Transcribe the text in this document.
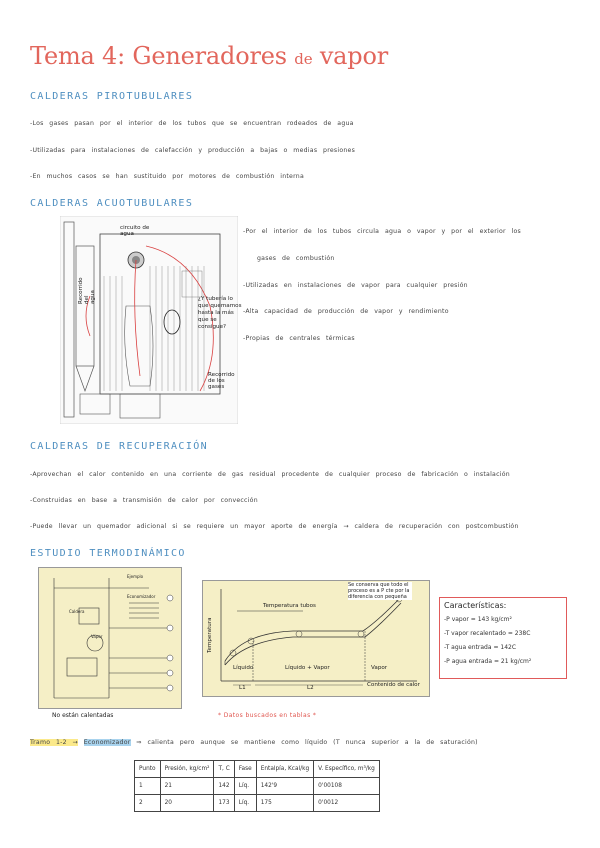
Tema 4: Generadores de vapor
CALDERAS PIROTUBULARES
-Los gases pasan por el interior de los tubos que se encuentran rodeados de agua
-Utilizadas para instalaciones de calefacción y producción a bajas o medias presiones
-En muchos casos se han sustituido por motores de combustión interna
CALDERAS ACUOTUBULARES
circuito de agua
Recorrido del agua	¿Y tubería lo que quemamos hasta la más que se consigue?
Recorrido de los gases
-Por el interior de los tubos circula agua o vapor y por el exterior los
gases de combustión
-Utilizadas en instalaciones de vapor para cualquier presión
-Alta capacidad de producción de vapor y rendimiento
-Propias de centrales térmicas
CALDERAS DE RECUPERACIÓN
-Aprovechan el calor contenido en una corriente de gas residual procedente de cualquier proceso de fabricación o instalación
-Construidas en base a transmisión de calor por convección
-Puede llevar un quemador adicional si se requiere un mayor aporte de energía → caldera de recuperación con postcombustión
ESTUDIO TERMODINÁMICO
Caldera
Vapor
Ejemplo
Economizador
No están calentadas
Temperatura tubos
Líquido	Líquido + Vapor	Vapor
Temperatura
Contenido de calor
L1	L2
Se conserva que todo el proceso es a P cte por la diferencia con pequeña
* Datos buscados en tablas *
Características:
-P vapor = 143 kg/cm²
-T vapor recalentado = 238C
-T agua entrada = 142C
-P agua entrada = 21 kg/cm²
Tramo 1-2 → Economizador ⇒ calienta pero aunque se mantiene como líquido (T nunca superior a la de saturación)
Punto	Presión, kg/cm²	T, C	Fase	Entalpía, Kcal/kg	V. Específico, m³/kg
1	21	142	Líq.	142'9	0'00108
2	20	173	Líq.	175	0'0012
